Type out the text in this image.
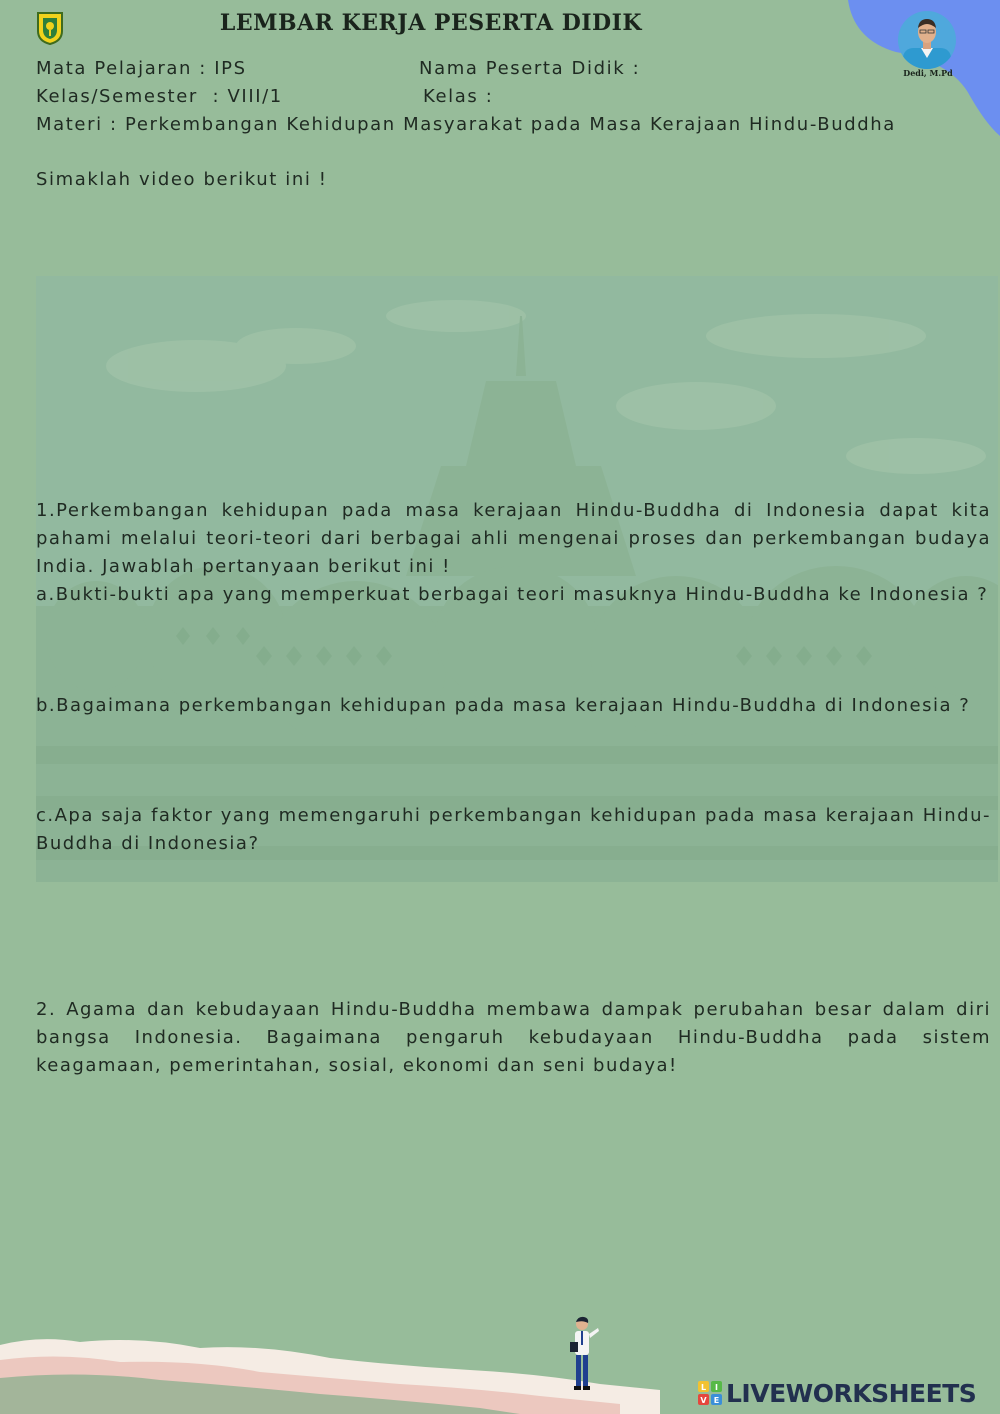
LEMBAR KERJA PESERTA DIDIK
Dedi, M.Pd
Mata Pelajaran : IPS	Nama Peserta Didik :
Kelas/Semester  : VIII/1	Kelas :
Materi : Perkembangan Kehidupan Masyarakat pada Masa Kerajaan Hindu-Buddha
Simaklah video berikut ini !
1.Perkembangan kehidupan pada masa kerajaan Hindu-Buddha di Indonesia dapat kita pahami melalui teori-teori dari berbagai ahli mengenai proses dan perkembangan budaya India. Jawablah pertanyaan berikut ini !
a.Bukti-bukti apa yang memperkuat berbagai teori masuknya Hindu-Buddha ke Indonesia ?
b.Bagaimana perkembangan kehidupan pada masa kerajaan Hindu-Buddha di Indonesia ?
c.Apa saja faktor yang memengaruhi perkembangan kehidupan pada masa kerajaan Hindu-Buddha di Indonesia?
2. Agama dan kebudayaan Hindu-Buddha membawa dampak perubahan besar dalam diri bangsa Indonesia. Bagaimana pengaruh kebudayaan Hindu-Buddha pada sistem keagamaan, pemerintahan, sosial, ekonomi dan seni budaya!
L I
V E LIVEWORKSHEETS
